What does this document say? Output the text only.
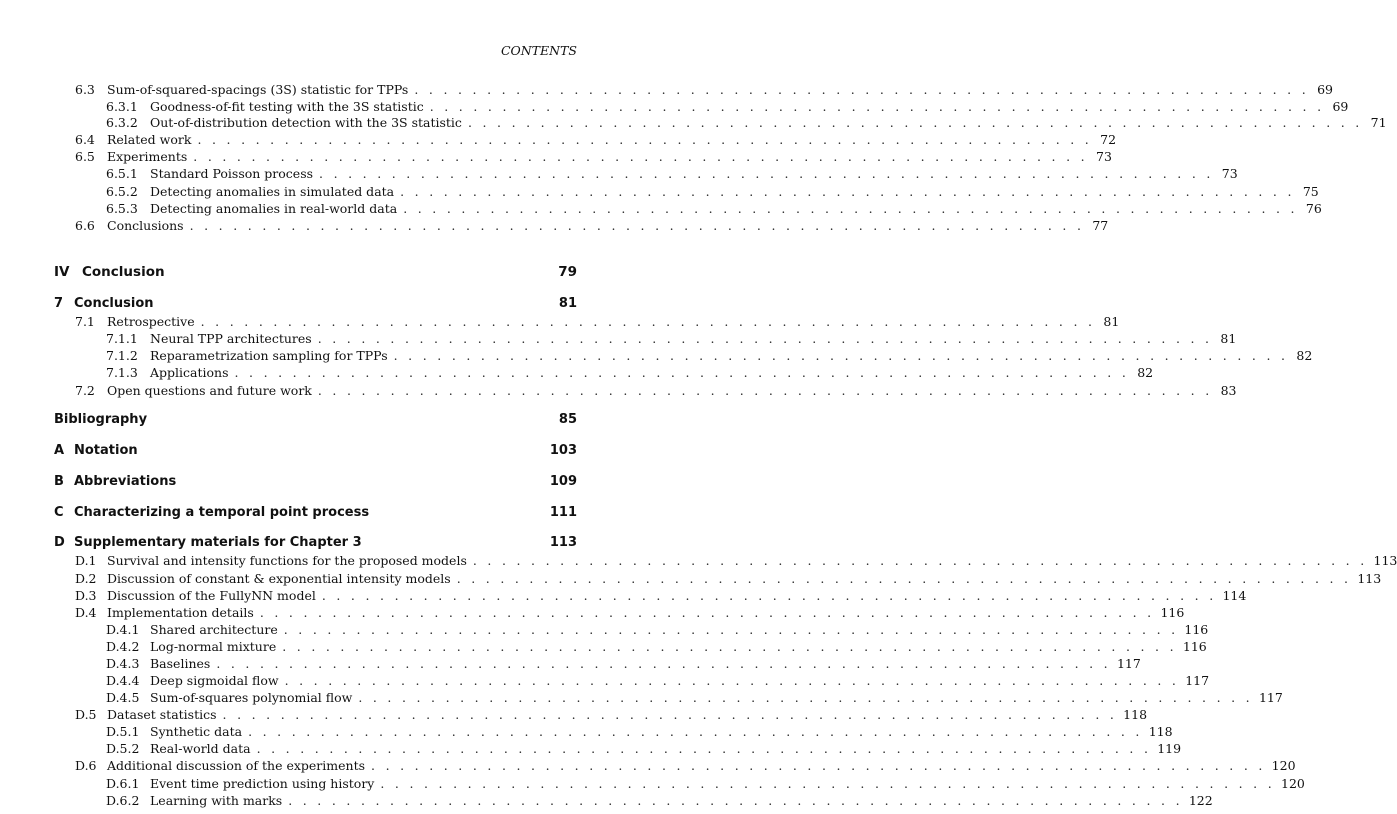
CONTENTS
6.3 Sum-of-squared-spacings (3S) statistic for TPPs . . . . . . . . . . . . . . . . . . . . . . . . . . . . . . . . . . . . . . . . . . . . . . . . . . . . . . . . . . . . . . 69
6.3.1 Goodness-of-fit testing with the 3S statistic . . . . . . . . . . . . . . . . . . . . . . . . . . . . . . . . . . . . . . . . . . . . . . . . . . . . . . . . . . . . . . 69
6.3.2 Out-of-distribution detection with the 3S statistic . . . . . . . . . . . . . . . . . . . . . . . . . . . . . . . . . . . . . . . . . . . . . . . . . . . . . . . . . . . . . . 71
6.4 Related work . . . . . . . . . . . . . . . . . . . . . . . . . . . . . . . . . . . . . . . . . . . . . . . . . . . . . . . . . . . . . . 72
6.5 Experiments . . . . . . . . . . . . . . . . . . . . . . . . . . . . . . . . . . . . . . . . . . . . . . . . . . . . . . . . . . . . . . 73
6.5.1 Standard Poisson process . . . . . . . . . . . . . . . . . . . . . . . . . . . . . . . . . . . . . . . . . . . . . . . . . . . . . . . . . . . . . . 73
6.5.2 Detecting anomalies in simulated data . . . . . . . . . . . . . . . . . . . . . . . . . . . . . . . . . . . . . . . . . . . . . . . . . . . . . . . . . . . . . . 75
6.5.3 Detecting anomalies in real-world data . . . . . . . . . . . . . . . . . . . . . . . . . . . . . . . . . . . . . . . . . . . . . . . . . . . . . . . . . . . . . . 76
6.6 Conclusions . . . . . . . . . . . . . . . . . . . . . . . . . . . . . . . . . . . . . . . . . . . . . . . . . . . . . . . . . . . . . . 77
IV Conclusion	79
7 Conclusion	81
7.1 Retrospective . . . . . . . . . . . . . . . . . . . . . . . . . . . . . . . . . . . . . . . . . . . . . . . . . . . . . . . . . . . . . . 81
7.1.1 Neural TPP architectures . . . . . . . . . . . . . . . . . . . . . . . . . . . . . . . . . . . . . . . . . . . . . . . . . . . . . . . . . . . . . . 81
7.1.2 Reparametrization sampling for TPPs . . . . . . . . . . . . . . . . . . . . . . . . . . . . . . . . . . . . . . . . . . . . . . . . . . . . . . . . . . . . . . 82
7.1.3 Applications . . . . . . . . . . . . . . . . . . . . . . . . . . . . . . . . . . . . . . . . . . . . . . . . . . . . . . . . . . . . . . 82
7.2 Open questions and future work . . . . . . . . . . . . . . . . . . . . . . . . . . . . . . . . . . . . . . . . . . . . . . . . . . . . . . . . . . . . . . 83
Bibliography	85
A Notation	103
B Abbreviations	109
C Characterizing a temporal point process	111
D Supplementary materials for Chapter 3	113
D.1 Survival and intensity functions for the proposed models . . . . . . . . . . . . . . . . . . . . . . . . . . . . . . . . . . . . . . . . . . . . . . . . . . . . . . . . . . . . . . 113
D.2 Discussion of constant & exponential intensity models . . . . . . . . . . . . . . . . . . . . . . . . . . . . . . . . . . . . . . . . . . . . . . . . . . . . . . . . . . . . . . 113
D.3 Discussion of the FullyNN model . . . . . . . . . . . . . . . . . . . . . . . . . . . . . . . . . . . . . . . . . . . . . . . . . . . . . . . . . . . . . . 114
D.4 Implementation details . . . . . . . . . . . . . . . . . . . . . . . . . . . . . . . . . . . . . . . . . . . . . . . . . . . . . . . . . . . . . . 116
D.4.1 Shared architecture . . . . . . . . . . . . . . . . . . . . . . . . . . . . . . . . . . . . . . . . . . . . . . . . . . . . . . . . . . . . . . 116
D.4.2 Log-normal mixture . . . . . . . . . . . . . . . . . . . . . . . . . . . . . . . . . . . . . . . . . . . . . . . . . . . . . . . . . . . . . . 116
D.4.3 Baselines . . . . . . . . . . . . . . . . . . . . . . . . . . . . . . . . . . . . . . . . . . . . . . . . . . . . . . . . . . . . . . 117
D.4.4 Deep sigmoidal flow . . . . . . . . . . . . . . . . . . . . . . . . . . . . . . . . . . . . . . . . . . . . . . . . . . . . . . . . . . . . . . 117
D.4.5 Sum-of-squares polynomial flow . . . . . . . . . . . . . . . . . . . . . . . . . . . . . . . . . . . . . . . . . . . . . . . . . . . . . . . . . . . . . . 117
D.5 Dataset statistics . . . . . . . . . . . . . . . . . . . . . . . . . . . . . . . . . . . . . . . . . . . . . . . . . . . . . . . . . . . . . . 118
D.5.1 Synthetic data . . . . . . . . . . . . . . . . . . . . . . . . . . . . . . . . . . . . . . . . . . . . . . . . . . . . . . . . . . . . . . 118
D.5.2 Real-world data . . . . . . . . . . . . . . . . . . . . . . . . . . . . . . . . . . . . . . . . . . . . . . . . . . . . . . . . . . . . . . 119
D.6 Additional discussion of the experiments . . . . . . . . . . . . . . . . . . . . . . . . . . . . . . . . . . . . . . . . . . . . . . . . . . . . . . . . . . . . . . 120
D.6.1 Event time prediction using history . . . . . . . . . . . . . . . . . . . . . . . . . . . . . . . . . . . . . . . . . . . . . . . . . . . . . . . . . . . . . . 120
D.6.2 Learning with marks . . . . . . . . . . . . . . . . . . . . . . . . . . . . . . . . . . . . . . . . . . . . . . . . . . . . . . . . . . . . . . 122
